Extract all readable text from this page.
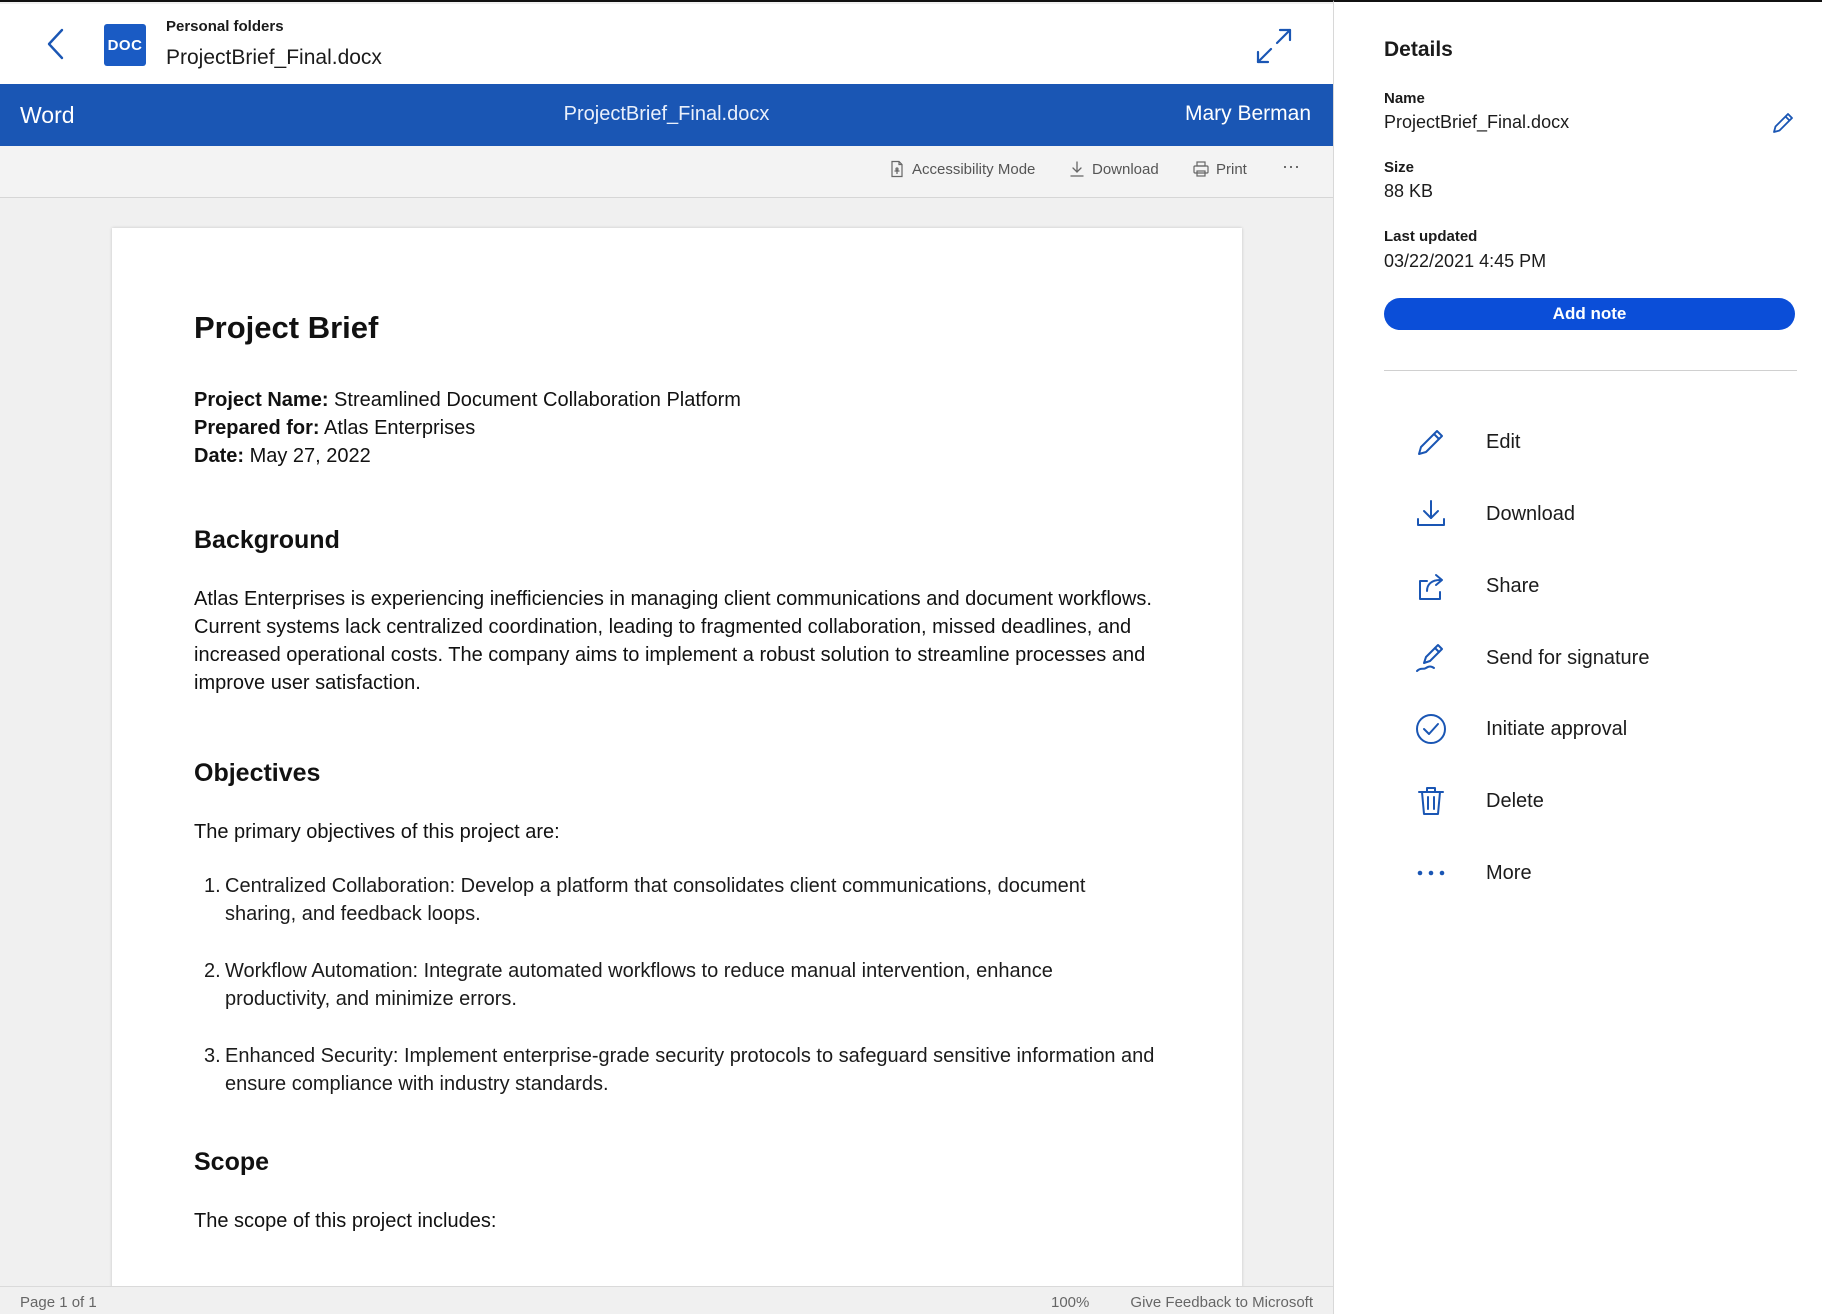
DOC
Personal folders
ProjectBrief_Final.docx
Word	ProjectBrief_Final.docx	Mary Berman
Accessibility Mode	Download	Print ···
Project Brief
Project Name: Streamlined Document Collaboration Platform
Prepared for: Atlas Enterprises
Date: May 27, 2022
Background

Atlas Enterprises is experiencing inefficiencies in managing client communications and document workflows. Current systems lack centralized coordination, leading to fragmented collaboration, missed deadlines, and increased operational costs. The company aims to implement a robust solution to streamline processes and improve user satisfaction.

Objectives

The primary objectives of this project are:

1. Centralized Collaboration: Develop a platform that consolidates client communications, document sharing, and feedback loops.
2. Workflow Automation: Integrate automated workflows to reduce manual intervention, enhance productivity, and minimize errors.
3. Enhanced Security: Implement enterprise-grade security protocols to safeguard sensitive information and ensure compliance with industry standards.
Scope

The scope of this project includes:

Page 1 of 1	100%	Give Feedback to Microsoft
Details
Name
ProjectBrief_Final.docx
Size
88 KB
Last updated
03/22/2021 4:45 PM
Add note
Edit
Download
Share
Send for signature
Initiate approval
Delete
More
